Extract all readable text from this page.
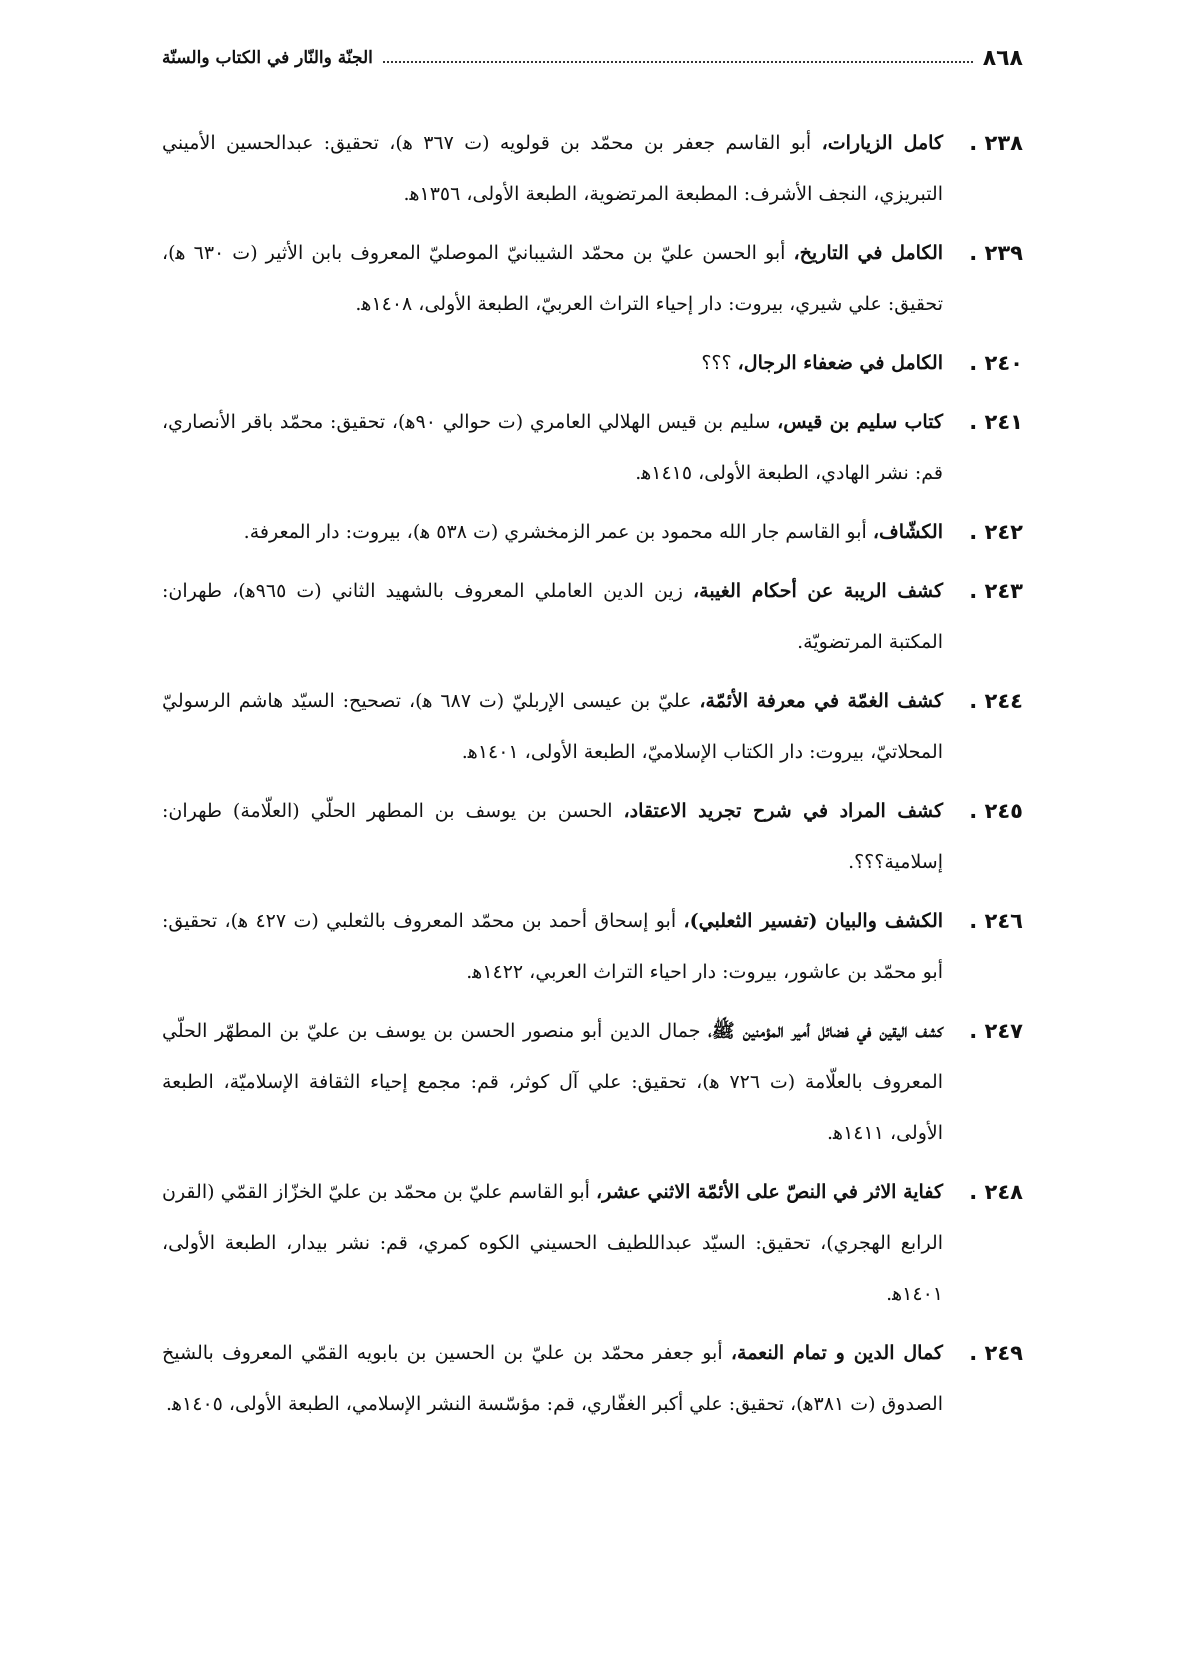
٨٦٨
الجنّة والنّار في الكتاب والسنّة
٢٣٨ .
كامل الزيارات، أبو القاسم جعفر بن محمّد بن قولويه (ت ٣٦٧ ﻫ)، تحقيق: عبدالحسين الأميني التبريزي، النجف الأشرف: المطبعة المرتضوية، الطبعة الأولى، ١٣٥٦ﻫ.
٢٣٩ .
الكامل في التاريخ، أبو الحسن عليّ بن محمّد الشيبانيّ الموصليّ المعروف بابن الأثير (ت ٦٣٠ ﻫ)، تحقيق: علي شيري، بيروت: دار إحياء التراث العربيّ، الطبعة الأولى، ١٤٠٨ﻫ.
٢٤٠ .
الكامل في ضعفاء الرجال، ؟؟؟
٢٤١ .
كتاب سليم بن قيس، سليم بن قيس الهلالي العامري (ت حوالي ٩٠ﻫ)، تحقيق: محمّد باقر الأنصاري، قم: نشر الهادي، الطبعة الأولى، ١٤١٥ﻫ.
٢٤٢ .
الكشّاف، أبو القاسم جار الله محمود بن عمر الزمخشري (ت ٥٣٨ ﻫ)، بيروت: دار المعرفة.
٢٤٣ .
كشف الريبة عن أحكام الغيبة، زين الدين العاملي المعروف بالشهيد الثاني (ت ٩٦٥ﻫ)، طهران: المكتبة المرتضويّة.
٢٤٤ .
كشف الغمّة في معرفة الأئمّة، عليّ بن عيسى الإربليّ (ت ٦٨٧ ﻫ)، تصحيح: السيّد هاشم الرسوليّ المحلاتيّ، بيروت: دار الكتاب الإسلاميّ، الطبعة الأولى، ١٤٠١ﻫ.
٢٤٥ .
كشف المراد في شرح تجريد الاعتقاد، الحسن بن يوسف بن المطهر الحلّي (العلّامة) طهران: إسلامية؟؟؟.
٢٤٦ .
الكشف والبيان (تفسير الثعلبي)، أبو إسحاق أحمد بن محمّد المعروف بالثعلبي (ت ٤٢٧ ﻫ)، تحقيق: أبو محمّد بن عاشور، بيروت: دار احياء التراث العربي، ١٤٢٢ﻫ.
٢٤٧ .
كشف اليقين في فضائل أمير المؤمنين ﷺ، جمال الدين أبو منصور الحسن بن يوسف بن عليّ بن المطهّر الحلّي المعروف بالعلّامة (ت ٧٢٦ ﻫ)، تحقيق: علي آل كوثر، قم: مجمع إحياء الثقافة الإسلاميّة، الطبعة الأولى، ١٤١١ﻫ.
٢٤٨ .
كفاية الاثر في النصّ على الأئمّة الاثني عشر، أبو القاسم عليّ بن محمّد بن عليّ الخزّاز القمّي (القرن الرابع الهجري)، تحقيق: السيّد عبداللطيف الحسيني الكوه كمري، قم: نشر بيدار، الطبعة الأولى، ١٤٠١ﻫ.
٢٤٩ .
كمال الدين و تمام النعمة، أبو جعفر محمّد بن عليّ بن الحسين بن بابويه القمّي المعروف بالشيخ الصدوق (ت ٣٨١ﻫ)، تحقيق: علي أكبر الغفّاري، قم: مؤسّسة النشر الإسلامي، الطبعة الأولى، ١٤٠٥ﻫ.
